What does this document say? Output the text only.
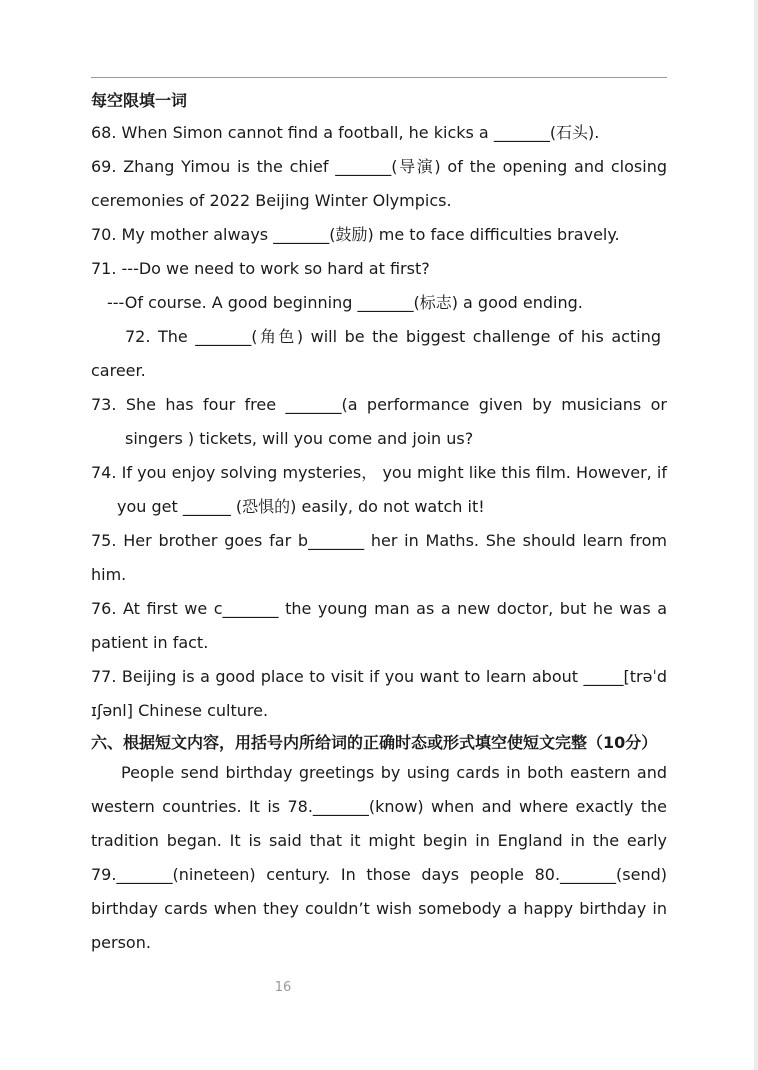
每空限填一词

68. When Simon cannot find a football, he kicks a _______(石头).

69. Zhang Yimou is the chief _______(导演) of the opening and closing

ceremonies of 2022 Beijing Winter Olympics.

70. My mother always _______(鼓励) me to face difficulties bravely.

71. ---Do we need to work so hard at first?

---Of course. A good beginning _______(标志) a good ending.

72. The _______(角色) will be the biggest challenge of his acting

career.

73. She has four free _______(a performance given by musicians or

singers ) tickets, will you come and join us?

74. If you enjoy solving mysteries， you might like this film. However, if

you get ______ (恐惧的) easily, do not watch it!

75. Her brother goes far b_______ her in Maths. She should learn from him.

76. At first we c_______ the young man as a new doctor, but he was a patient in fact.

77. Beijing is a good place to visit if you want to learn about _____[trəˈdɪʃənl] Chinese culture.

六、根据短文内容，用括号内所给词的正确时态或形式填空使短文完整（10分）

People send birthday greetings by using cards in both eastern and western countries. It is 78._______(know) when and where exactly the tradition began. It is said that it might begin in England in the early 79._______(nineteen) century. In those days people 80._______(send) birthday cards when they couldn’t wish somebody a happy birthday in person.

16
